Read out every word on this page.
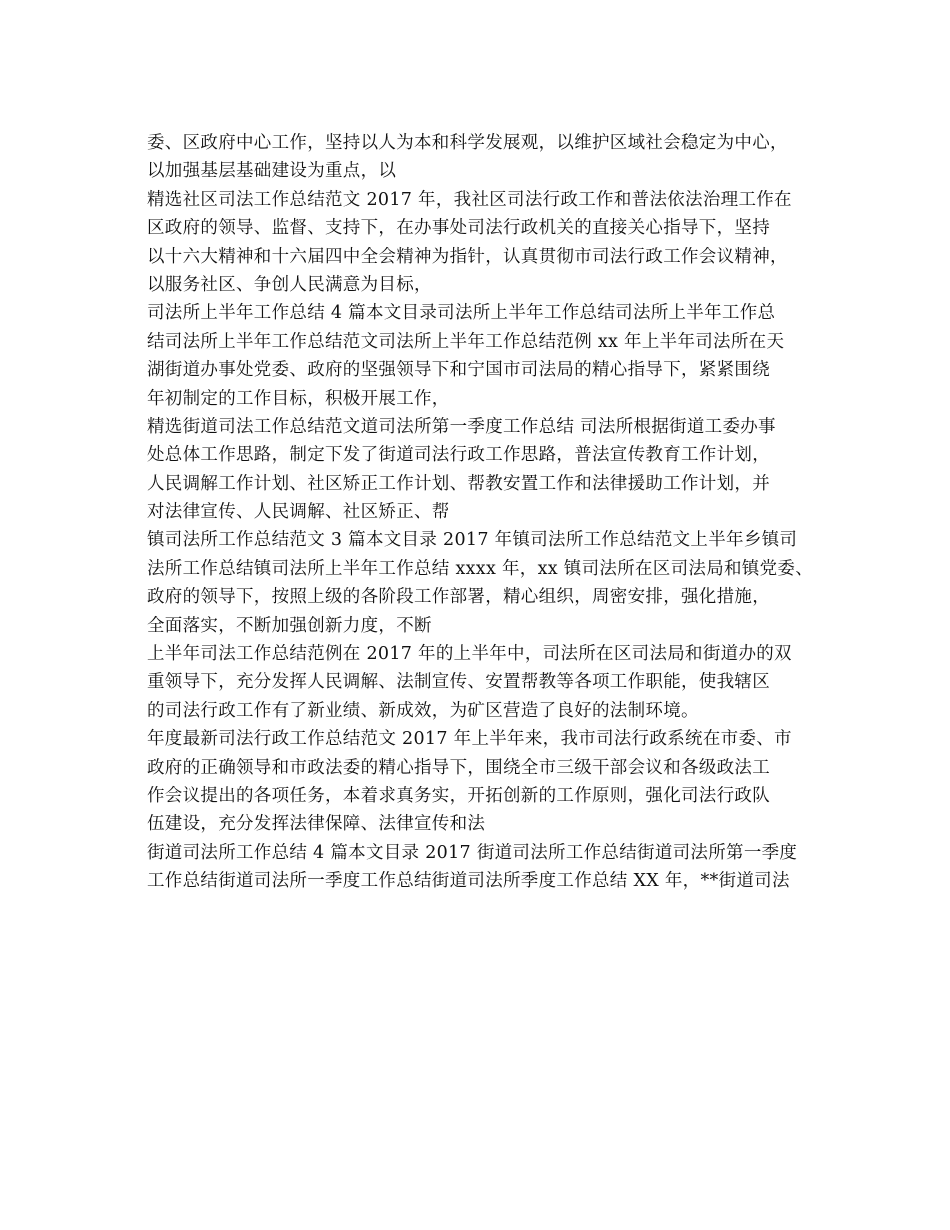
委、区政府中心工作，坚持以人为本和科学发展观，以维护区域社会稳定为中心，
以加强基层基础建设为重点，以
精选社区司法工作总结范文 2017 年，我社区司法行政工作和普法依法治理工作在
区政府的领导、监督、支持下，在办事处司法行政机关的直接关心指导下，坚持
以十六大精神和十六届四中全会精神为指针，认真贯彻市司法行政工作会议精神，
以服务社区、争创人民满意为目标，
司法所上半年工作总结 4 篇本文目录司法所上半年工作总结司法所上半年工作总
结司法所上半年工作总结范文司法所上半年工作总结范例 xx 年上半年司法所在天
湖街道办事处党委、政府的坚强领导下和宁国市司法局的精心指导下，紧紧围绕
年初制定的工作目标，积极开展工作，
精选街道司法工作总结范文道司法所第一季度工作总结 司法所根据街道工委办事
处总体工作思路，制定下发了街道司法行政工作思路，普法宣传教育工作计划，
人民调解工作计划、社区矫正工作计划、帮教安置工作和法律援助工作计划，并
对法律宣传、人民调解、社区矫正、帮
镇司法所工作总结范文 3 篇本文目录 2017 年镇司法所工作总结范文上半年乡镇司
法所工作总结镇司法所上半年工作总结 xxxx 年，xx 镇司法所在区司法局和镇党委、
政府的领导下，按照上级的各阶段工作部署，精心组织，周密安排，强化措施，
全面落实，不断加强创新力度，不断
上半年司法工作总结范例在 2017 年的上半年中，司法所在区司法局和街道办的双
重领导下，充分发挥人民调解、法制宣传、安置帮教等各项工作职能，使我辖区
的司法行政工作有了新业绩、新成效，为矿区营造了良好的法制环境。
年度最新司法行政工作总结范文 2017 年上半年来，我市司法行政系统在市委、市
政府的正确领导和市政法委的精心指导下，围绕全市三级干部会议和各级政法工
作会议提出的各项任务，本着求真务实，开拓创新的工作原则，强化司法行政队
伍建设，充分发挥法律保障、法律宣传和法
街道司法所工作总结 4 篇本文目录 2017 街道司法所工作总结街道司法所第一季度
工作总结街道司法所一季度工作总结街道司法所季度工作总结 XX 年，**街道司法
